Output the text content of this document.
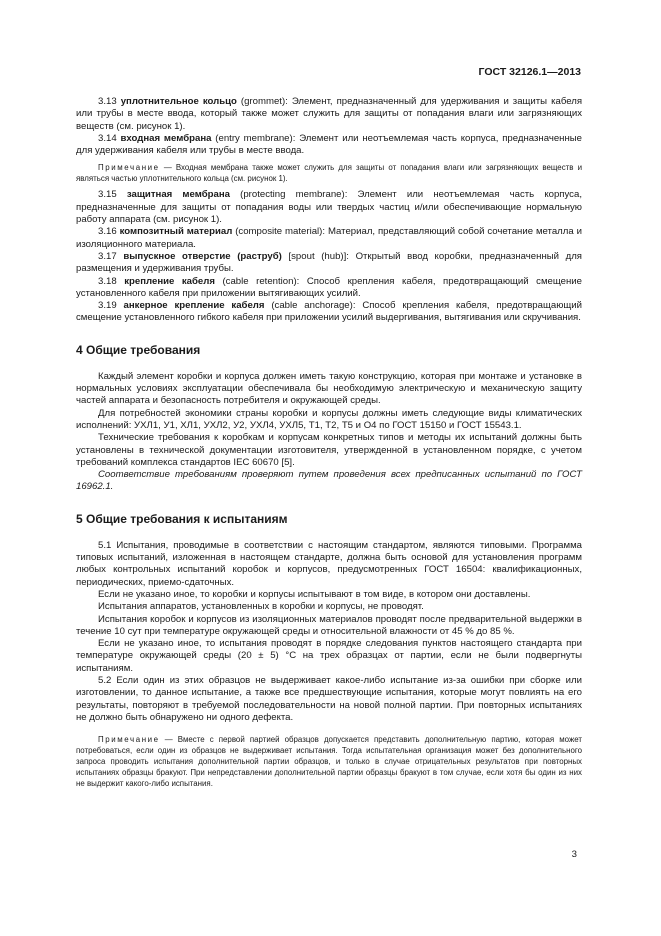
ГОСТ 32126.1—2013

3.13 уплотнительное кольцо (grommet): Элемент, предназначенный для удерживания и защиты кабеля или трубы в месте ввода, который также может служить для защиты от попадания влаги или загрязняющих веществ (см. рисунок 1).

3.14 входная мембрана (entry membrane): Элемент или неотъемлемая часть корпуса, предназначенные для удерживания кабеля или трубы в месте ввода.

Примечание — Входная мембрана также может служить для защиты от попадания влаги или загрязняющих веществ и являться частью уплотнительного кольца (см. рисунок 1).

3.15 защитная мембрана (protecting membrane): Элемент или неотъемлемая часть корпуса, предназначенные для защиты от попадания воды или твердых частиц и/или обеспечивающие нормальную работу аппарата (см. рисунок 1).

3.16 композитный материал (composite material): Материал, представляющий собой сочетание металла и изоляционного материала.

3.17 выпускное отверстие (раструб) [spout (hub)]: Открытый ввод коробки, предназначенный для размещения и удерживания трубы.

3.18 крепление кабеля (cable retention): Способ крепления кабеля, предотвращающий смещение установленного кабеля при приложении вытягивающих усилий.

3.19 анкерное крепление кабеля (cable anchorage): Способ крепления кабеля, предотвращающий смещение установленного гибкого кабеля при приложении усилий выдергивания, вытягивания или скручивания.

4 Общие требования

Каждый элемент коробки и корпуса должен иметь такую конструкцию, которая при монтаже и установке в нормальных условиях эксплуатации обеспечивала бы необходимую электрическую и механическую защиту частей аппарата и безопасность потребителя и окружающей среды.

Для потребностей экономики страны коробки и корпусы должны иметь следующие виды климатических исполнений: УХЛ1, У1, ХЛ1, УХЛ2, У2, УХЛ4, УХЛ5, Т1, Т2, Т5 и О4 по ГОСТ 15150 и ГОСТ 15543.1.

Технические требования к коробкам и корпусам конкретных типов и методы их испытаний должны быть установлены в технической документации изготовителя, утвержденной в установленном порядке, с учетом требований комплекса стандартов IEC 60670 [5].

Соответствие требованиям проверяют путем проведения всех предписанных испытаний по ГОСТ 16962.1.

5 Общие требования к испытаниям

5.1 Испытания, проводимые в соответствии с настоящим стандартом, являются типовыми. Программа типовых испытаний, изложенная в настоящем стандарте, должна быть основой для установления программ любых контрольных испытаний коробок и корпусов, предусмотренных ГОСТ 16504: квалификационных, периодических, приемо-сдаточных.

Если не указано иное, то коробки и корпусы испытывают в том виде, в котором они доставлены.

Испытания аппаратов, установленных в коробки и корпусы, не проводят.

Испытания коробок и корпусов из изоляционных материалов проводят после предварительной выдержки в течение 10 сут при температуре окружающей среды и относительной влажности от 45 % до 85 %.

Если не указано иное, то испытания проводят в порядке следования пунктов настоящего стандарта при температуре окружающей среды (20 ± 5) °С на трех образцах от партии, если не были подвергнуты испытаниям.

5.2 Если один из этих образцов не выдерживает какое-либо испытание из-за ошибки при сборке или изготовлении, то данное испытание, а также все предшествующие испытания, которые могут повлиять на его результаты, повторяют в требуемой последовательности на новой полной партии. При повторных испытаниях не должно быть обнаружено ни одного дефекта.

Примечание — Вместе с первой партией образцов допускается представить дополнительную партию, которая может потребоваться, если один из образцов не выдерживает испытания. Тогда испытательная организация может без дополнительного запроса проводить испытания дополнительной партии образцов, и только в случае отрицательных результатов при повторных испытаниях образцы бракуют. При непредставлении дополнительной партии образцы бракуют в том случае, если хотя бы один из них не выдержит какого-либо испытания.

3
